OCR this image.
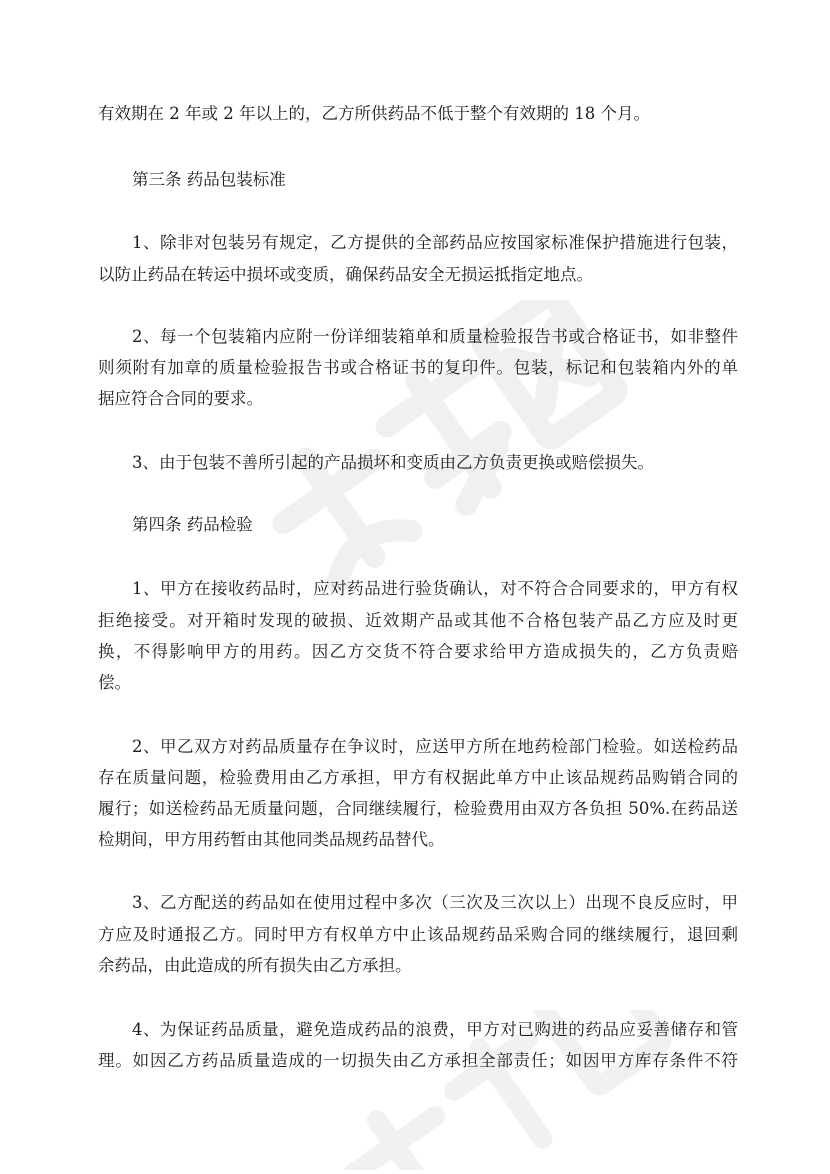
有效期在 2 年或 2 年以上的，乙方所供药品不低于整个有效期的 18 个月。
第三条 药品包装标准
1、除非对包装另有规定，乙方提供的全部药品应按国家标准保护措施进行包装，
以防止药品在转运中损坏或变质，确保药品安全无损运抵指定地点。
2、每一个包装箱内应附一份详细装箱单和质量检验报告书或合格证书，如非整件
则须附有加章的质量检验报告书或合格证书的复印件。包装，标记和包装箱内外的单
据应符合合同的要求。
3、由于包装不善所引起的产品损坏和变质由乙方负责更换或赔偿损失。
第四条 药品检验
1、甲方在接收药品时，应对药品进行验货确认，对不符合合同要求的，甲方有权
拒绝接受。对开箱时发现的破损、近效期产品或其他不合格包装产品乙方应及时更
换，不得影响甲方的用药。因乙方交货不符合要求给甲方造成损失的，乙方负责赔
偿。
2、甲乙双方对药品质量存在争议时，应送甲方所在地药检部门检验。如送检药品
存在质量问题，检验费用由乙方承担，甲方有权据此单方中止该品规药品购销合同的
履行；如送检药品无质量问题，合同继续履行，检验费用由双方各负担 50%.在药品送
检期间，甲方用药暂由其他同类品规药品替代。
3、乙方配送的药品如在使用过程中多次（三次及三次以上）出现不良反应时，甲
方应及时通报乙方。同时甲方有权单方中止该品规药品采购合同的继续履行，退回剩
余药品，由此造成的所有损失由乙方承担。
4、为保证药品质量，避免造成药品的浪费，甲方对已购进的药品应妥善储存和管
理。如因乙方药品质量造成的一切损失由乙方承担全部责任；如因甲方库存条件不符
